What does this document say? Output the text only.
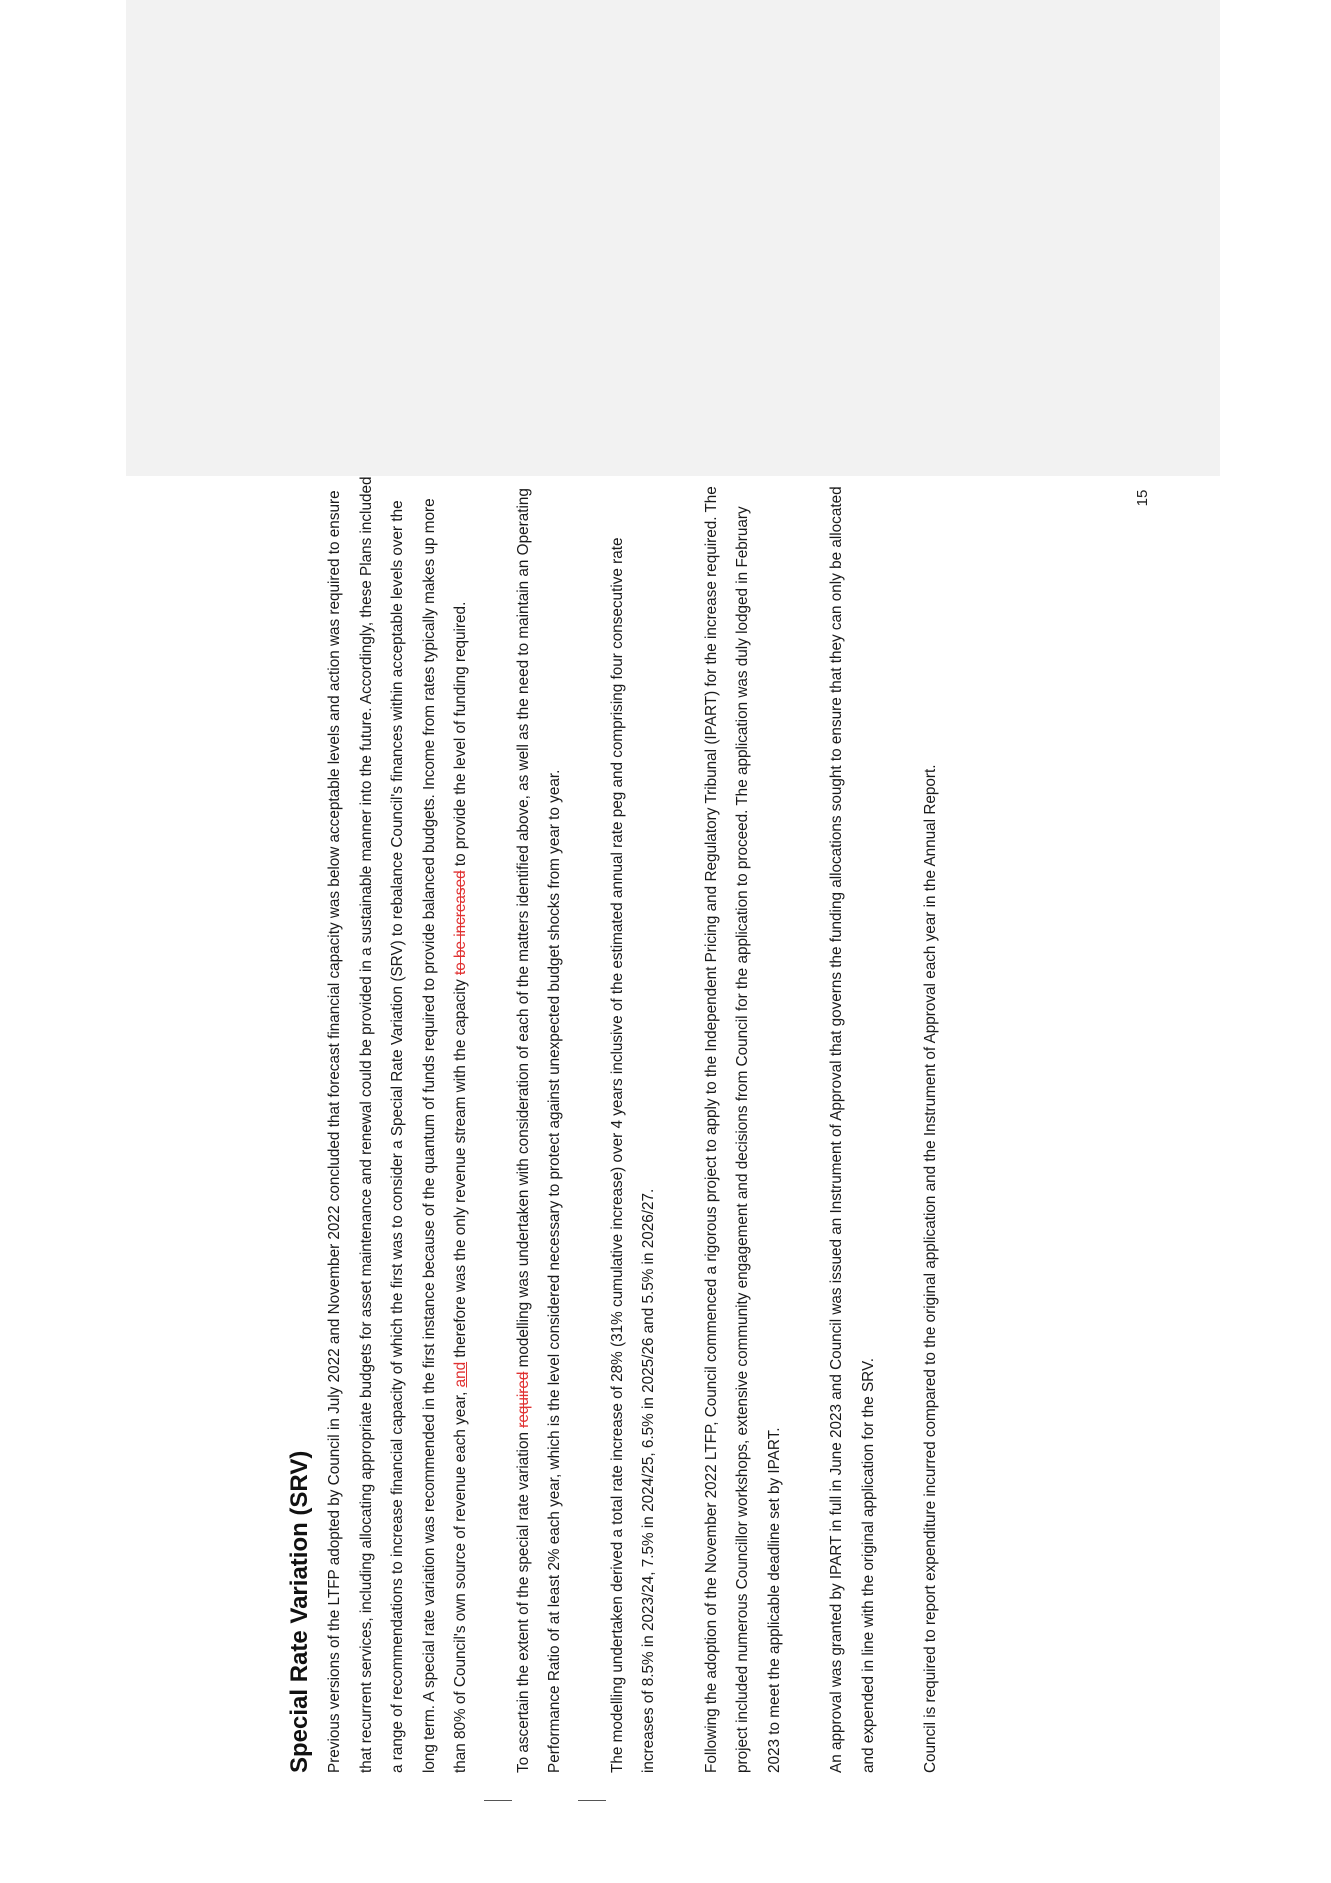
15
Special Rate Variation (SRV) Previous versions of the LTFP adopted by Council in July 2022 and November 2022 concluded that forecast financial capacity was below acceptable levels and action was required to ensure that recurrent services, including allocating appropriate budgets for asset maintenance and renewal could be provided in a sustainable manner into the future. Accordingly, these Plans included a range of recommendations to increase financial capacity of which the first was to consider a Special Rate Variation (SRV) to rebalance Council's finances within acceptable levels over the long term. A special rate variation was recommended in the first instance because of the quantum of funds required to provide balanced budgets. Income from rates typically makes up more than 80% of Council's own source of revenue each year, and therefore was the only revenue stream with the capacity to be increased to provide the level of funding required.

To ascertain the extent of the special rate variation required modelling was undertaken with consideration of each of the matters identified above, as well as the need to maintain an Operating Performance Ratio of at least 2% each year, which is the level considered necessary to protect against unexpected budget shocks from year to year.	The modelling undertaken derived a total rate increase of 28% (31% cumulative increase) over 4 years inclusive of the estimated annual rate peg and comprising four consecutive rate increases of 8.5% in 2023/24, 7.5% in 2024/25, 6.5% in 2025/26 and 5.5% in 2026/27.	Following the adoption of the November 2022 LTFP, Council commenced a rigorous project to apply to the Independent Pricing and Regulatory Tribunal (IPART) for the increase required. The project included numerous Councillor workshops, extensive community engagement and decisions from Council for the application to proceed. The application was duly lodged in February 2023 to meet the applicable deadline set by IPART.	An approval was granted by IPART in full in June 2023 and Council was issued an Instrument of Approval that governs the funding allocations sought to ensure that they can only be allocated and expended in line with the original application for the SRV.	Council is required to report expenditure incurred compared to the original application and the Instrument of Approval each year in the Annual Report.
